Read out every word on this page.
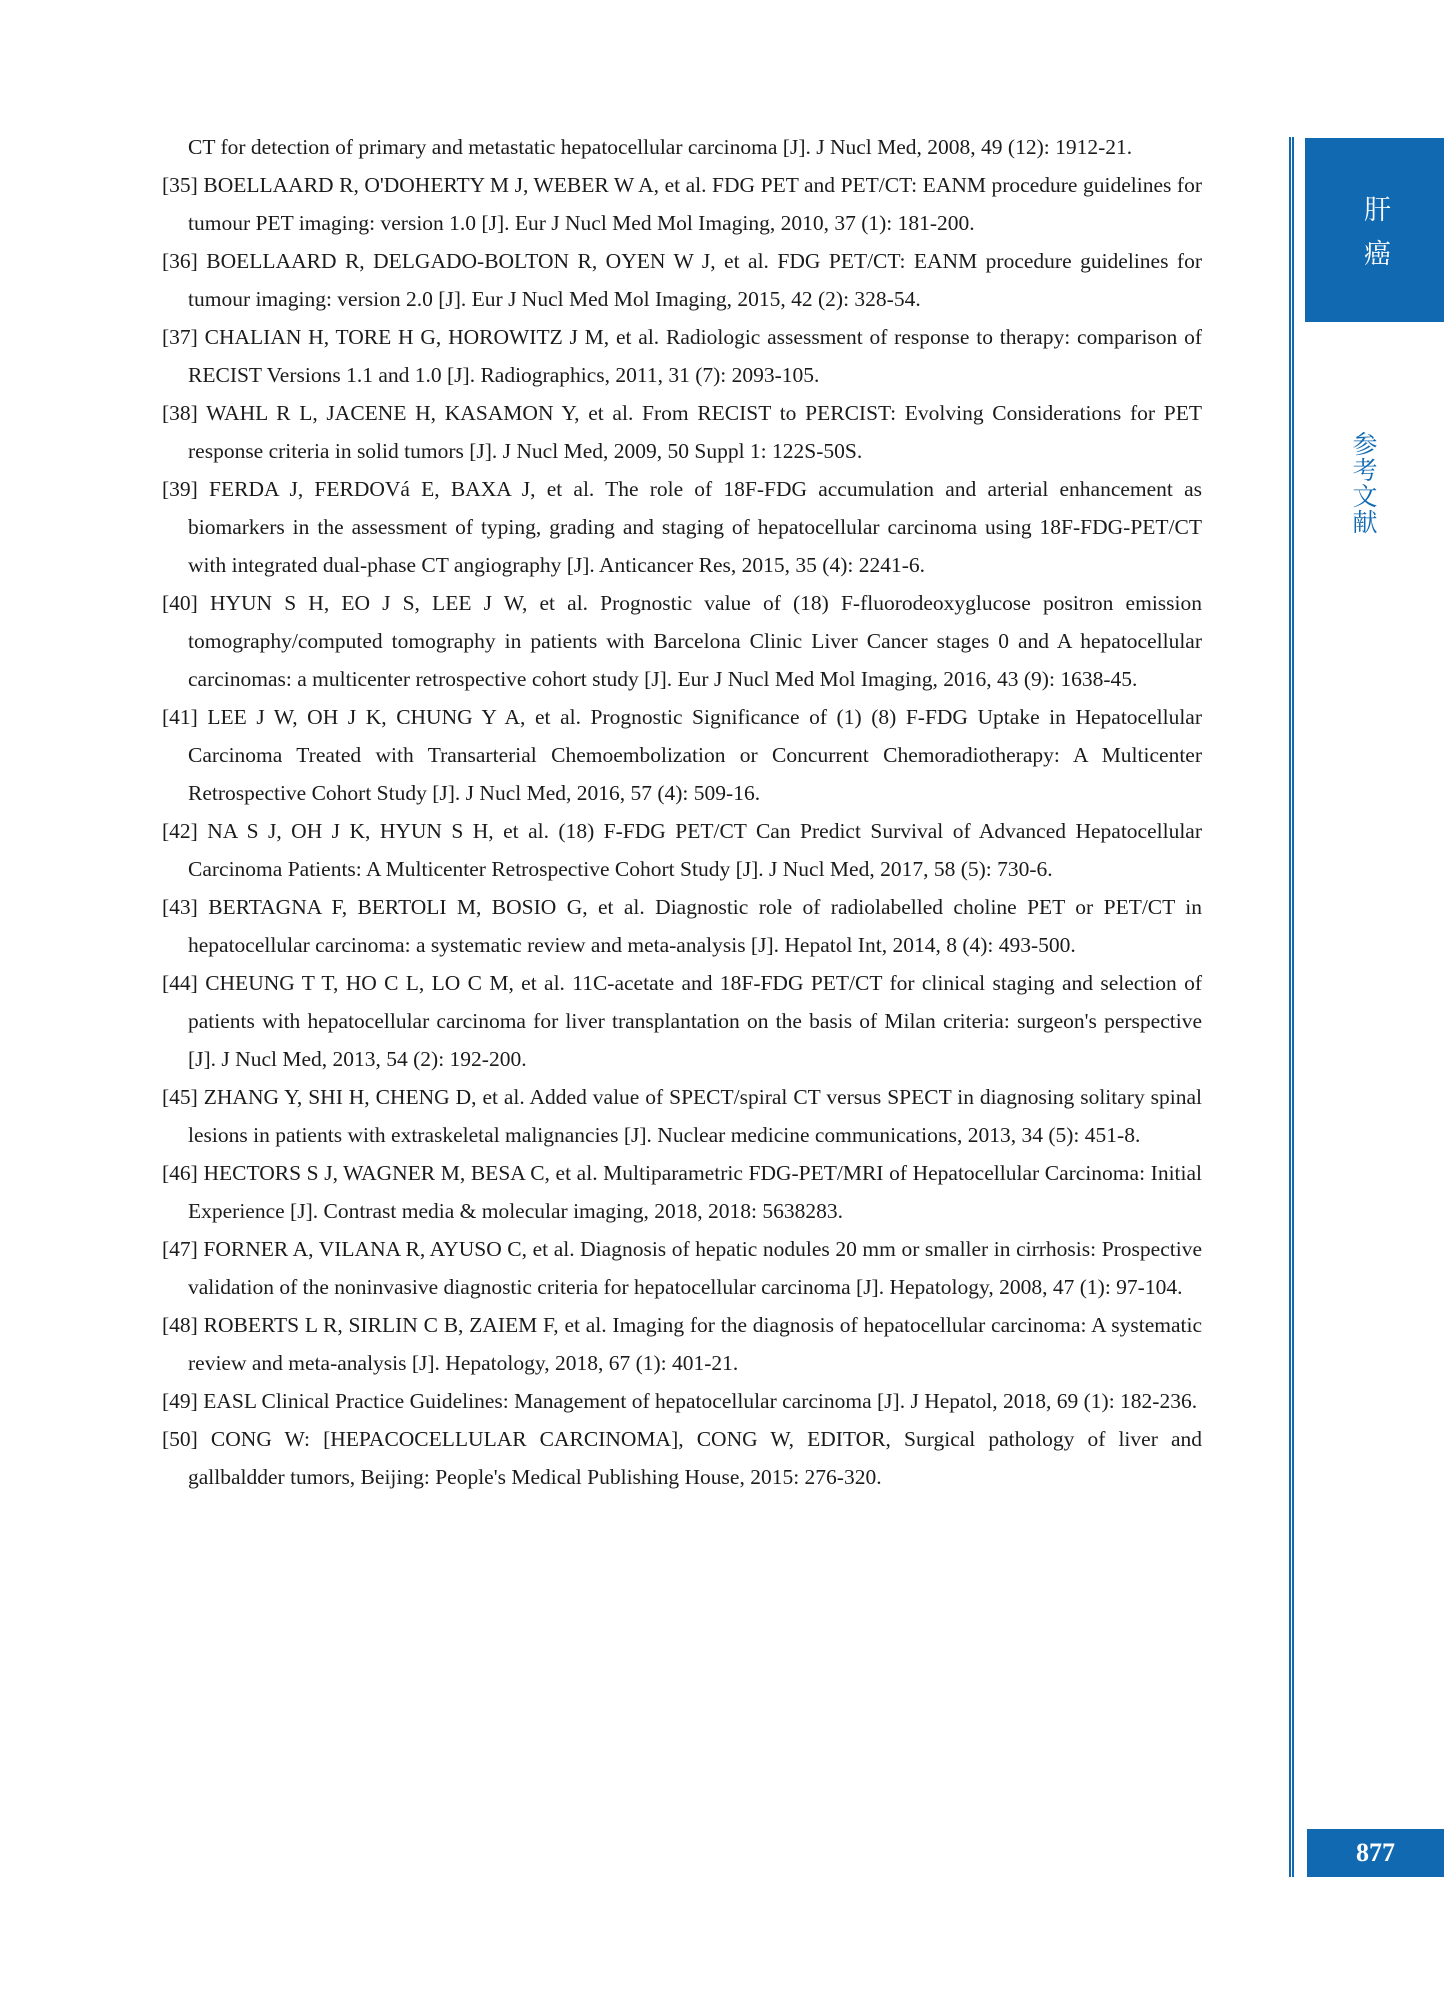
CT for detection of primary and metastatic hepatocellular carcinoma [J]. J Nucl Med, 2008, 49 (12): 1912-21.
[35] BOELLAARD R, O'DOHERTY M J, WEBER W A, et al. FDG PET and PET/CT: EANM procedure guidelines for tumour PET imaging: version 1.0 [J]. Eur J Nucl Med Mol Imaging, 2010, 37 (1): 181-200.
[36] BOELLAARD R, DELGADO-BOLTON R, OYEN W J, et al. FDG PET/CT: EANM procedure guidelines for tumour imaging: version 2.0 [J]. Eur J Nucl Med Mol Imaging, 2015, 42 (2): 328-54.
[37] CHALIAN H, TORE H G, HOROWITZ J M, et al. Radiologic assessment of response to therapy: comparison of RECIST Versions 1.1 and 1.0 [J]. Radiographics, 2011, 31 (7): 2093-105.
[38] WAHL R L, JACENE H, KASAMON Y, et al. From RECIST to PERCIST: Evolving Considerations for PET response criteria in solid tumors [J]. J Nucl Med, 2009, 50 Suppl 1: 122S-50S.
[39] FERDA J, FERDOVá E, BAXA J, et al. The role of 18F-FDG accumulation and arterial enhancement as biomarkers in the assessment of typing, grading and staging of hepatocellular carcinoma using 18F-FDG-PET/CT with integrated dual-phase CT angiography [J]. Anticancer Res, 2015, 35 (4): 2241-6.
[40] HYUN S H, EO J S, LEE J W, et al. Prognostic value of (18) F-fluorodeoxyglucose positron emission tomography/computed tomography in patients with Barcelona Clinic Liver Cancer stages 0 and A hepatocellular carcinomas: a multicenter retrospective cohort study [J]. Eur J Nucl Med Mol Imaging, 2016, 43 (9): 1638-45.
[41] LEE J W, OH J K, CHUNG Y A, et al. Prognostic Significance of (1) (8) F-FDG Uptake in Hepatocellular Carcinoma Treated with Transarterial Chemoembolization or Concurrent Chemoradiotherapy: A Multicenter Retrospective Cohort Study [J]. J Nucl Med, 2016, 57 (4): 509-16.
[42] NA S J, OH J K, HYUN S H, et al. (18) F-FDG PET/CT Can Predict Survival of Advanced Hepatocellular Carcinoma Patients: A Multicenter Retrospective Cohort Study [J]. J Nucl Med, 2017, 58 (5): 730-6.
[43] BERTAGNA F, BERTOLI M, BOSIO G, et al. Diagnostic role of radiolabelled choline PET or PET/CT in hepatocellular carcinoma: a systematic review and meta-analysis [J]. Hepatol Int, 2014, 8 (4): 493-500.
[44] CHEUNG T T, HO C L, LO C M, et al. 11C-acetate and 18F-FDG PET/CT for clinical staging and selection of patients with hepatocellular carcinoma for liver transplantation on the basis of Milan criteria: surgeon's perspective [J]. J Nucl Med, 2013, 54 (2): 192-200.
[45] ZHANG Y, SHI H, CHENG D, et al. Added value of SPECT/spiral CT versus SPECT in diagnosing solitary spinal lesions in patients with extraskeletal malignancies [J]. Nuclear medicine communications, 2013, 34 (5): 451-8.
[46] HECTORS S J, WAGNER M, BESA C, et al. Multiparametric FDG-PET/MRI of Hepatocellular Carcinoma: Initial Experience [J]. Contrast media & molecular imaging, 2018, 2018: 5638283.
[47] FORNER A, VILANA R, AYUSO C, et al. Diagnosis of hepatic nodules 20 mm or smaller in cirrhosis: Prospective validation of the noninvasive diagnostic criteria for hepatocellular carcinoma [J]. Hepatology, 2008, 47 (1): 97-104.
[48] ROBERTS L R, SIRLIN C B, ZAIEM F, et al. Imaging for the diagnosis of hepatocellular carcinoma: A systematic review and meta-analysis [J]. Hepatology, 2018, 67 (1): 401-21.
[49] EASL Clinical Practice Guidelines: Management of hepatocellular carcinoma [J]. J Hepatol, 2018, 69 (1): 182-236.
[50] CONG W: [HEPACOCELLULAR CARCINOMA], CONG W, EDITOR, Surgical pathology of liver and gallbaldder tumors, Beijing: People's Medical Publishing House, 2015: 276-320.
肝癌
参考文献
877
